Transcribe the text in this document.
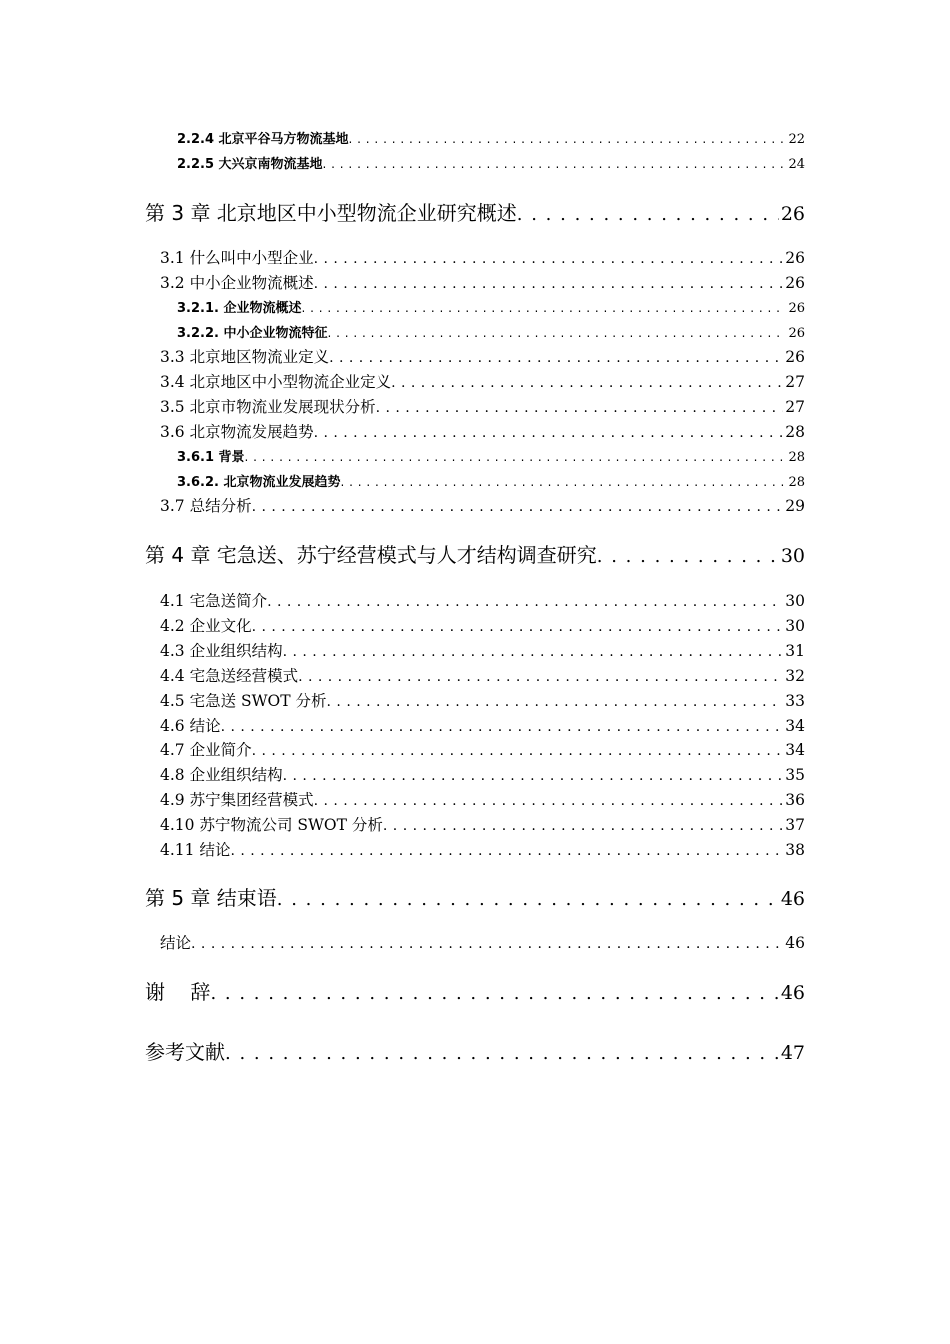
2.2.4 北京平谷马方物流基地 . . .	22
2.2.5 大兴京南物流基地 . . .	24
第 3 章 北京地区中小型物流企业研究概述 . . .	26
3.1 什么叫中小型企业 . . .	26
3.2 中小企业物流概述 . . .	26
3.2.1. 企业物流概述 . . .	26
3.2.2. 中小企业物流特征 . . .	26
3.3 北京地区物流业定义 . . .	26
3.4 北京地区中小型物流企业定义 . . .	27
3.5 北京市物流业发展现状分析 . . .	27
3.6 北京物流发展趋势 . . .	28
3.6.1 背景 . . .	28
3.6.2. 北京物流业发展趋势 . . .	28
3.7 总结分析 . . .	29
第 4 章 宅急送、苏宁经营模式与人才结构调查研究 . . .	30
4.1 宅急送简介 . . .	30
4.2 企业文化 . . .	30
4.3 企业组织结构 . . .	31
4.4 宅急送经营模式 . . .	32
4.5 宅急送 SWOT 分析 . . .	33
4.6 结论 . . .	34
4.7 企业简介 . . .	34
4.8 企业组织结构 . . .	35
4.9 苏宁集团经营模式 . . .	36
4.10 苏宁物流公司 SWOT 分析 . . .	37
4.11 结论 . . .	38
第 5 章 结束语 . . .	46
结论 . . .	46
谢    辞 . . .	46
参考文献 . . .	47
